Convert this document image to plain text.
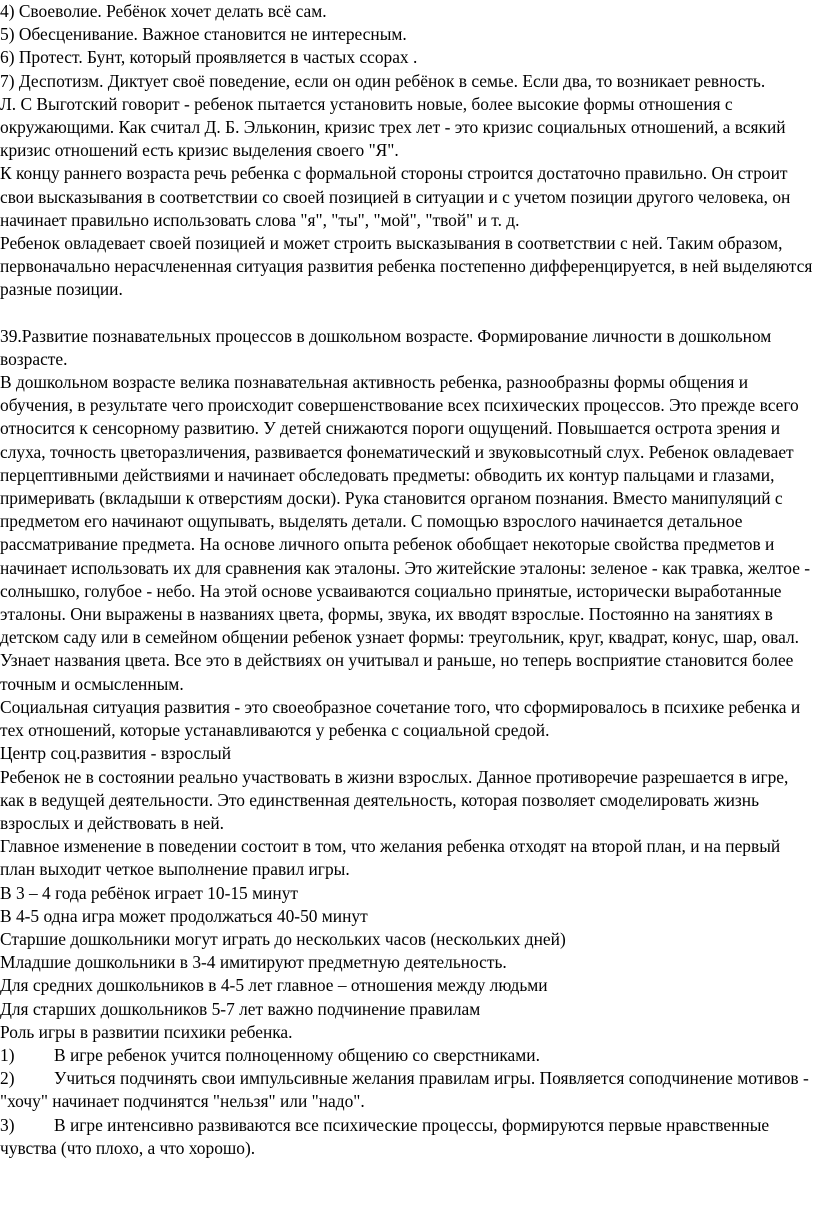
4) Своеволие. Ребёнок хочет делать всё сам.

5) Обесценивание. Важное становится не интересным.

6) Протест. Бунт, который проявляется в частых ссорах .

7) Деспотизм. Диктует своё поведение, если он один ребёнок в семье. Если два, то возникает ревность.

Л. С Выготский говорит - ребенок пытается установить новые, более высокие формы отношения с окружающими. Как считал Д. Б. Эльконин, кризис трех лет - это кризис социальных отношений, а всякий кризис отношений есть кризис выделения своего "Я".

К концу раннего возраста речь ребенка с формальной стороны строится достаточно правильно. Он строит свои высказывания в соответствии со своей позицией в ситуации и с учетом позиции другого человека, он начинает правильно использовать слова "я", "ты", "мой", "твой" и т. д.

Ребенок овладевает своей позицией и может строить высказывания в соответствии с ней. Таким образом, первоначально нерасчлененная ситуация развития ребенка постепенно дифференцируется, в ней выделяются разные позиции.

39.Развитие познавательных процессов в дошкольном возрасте. Формирование личности в дошкольном возрасте.

В дошкольном возрасте велика познавательная активность ребенка, разнообразны формы общения и обучения, в результате чего происходит совершенствование всех психических процессов. Это прежде всего относится к сенсорному развитию. У детей снижаются пороги ощущений. Повышается острота зрения и слуха, точность цветоразличения, развивается фонематический и звуковысотный слух. Ребенок овладевает перцептивными действиями и начинает обследовать предметы: обводить их контур пальцами и глазами, примеривать (вкладыши к отверстиям доски). Рука становится органом познания. Вместо манипуляций с предметом его начинают ощупывать, выделять детали. С помощью взрослого начинается детальное рассматривание предмета. На основе личного опыта ребенок обобщает некоторые свойства предметов и начинает использовать их для сравнения как эталоны. Это житейские эталоны: зеленое - как травка, желтое - солнышко, голубое - небо. На этой основе усваиваются социально принятые, исторически выработанные эталоны. Они выражены в названиях цвета, формы, звука, их вводят взрослые. Постоянно на занятиях в детском саду или в семейном общении ребенок узнает формы: треугольник, круг, квадрат, конус, шар, овал. Узнает названия цвета. Все это в действиях он учитывал и раньше, но теперь восприятие становится более точным и осмысленным.

Социальная ситуация развития - это своеобразное сочетание того, что сформировалось в психике ребенка и тех отношений, которые устанавливаются у ребенка с социальной средой.

Центр соц.развития - взрослый

Ребенок не в состоянии реально участвовать в жизни взрослых. Данное противоречие разрешается в игре, как в ведущей деятельности. Это единственная деятельность, которая позволяет смоделировать жизнь взрослых и действовать в ней.

Главное изменение в поведении состоит в том, что желания ребенка отходят на второй план, и на первый план выходит четкое выполнение правил игры.

В 3 – 4 года ребёнок играет 10-15 минут

В 4-5 одна игра может продолжаться 40-50 минут

Старшие дошкольники могут играть до нескольких часов (нескольких дней)

Младшие дошкольники в 3-4 имитируют предметную деятельность.

Для средних дошкольников в 4-5 лет главное – отношения между людьми

Для старших дошкольников 5-7 лет важно подчинение правилам

Роль игры в развитии психики ребенка.

1) В игре ребенок учится полноценному общению со сверстниками.

2) Учиться подчинять свои импульсивные желания правилам игры. Появляется соподчинение мотивов - "хочу" начинает подчинятся "нельзя" или "надо".

3) В игре интенсивно развиваются все психические процессы, формируются первые нравственные чувства (что плохо, а что хорошо).
